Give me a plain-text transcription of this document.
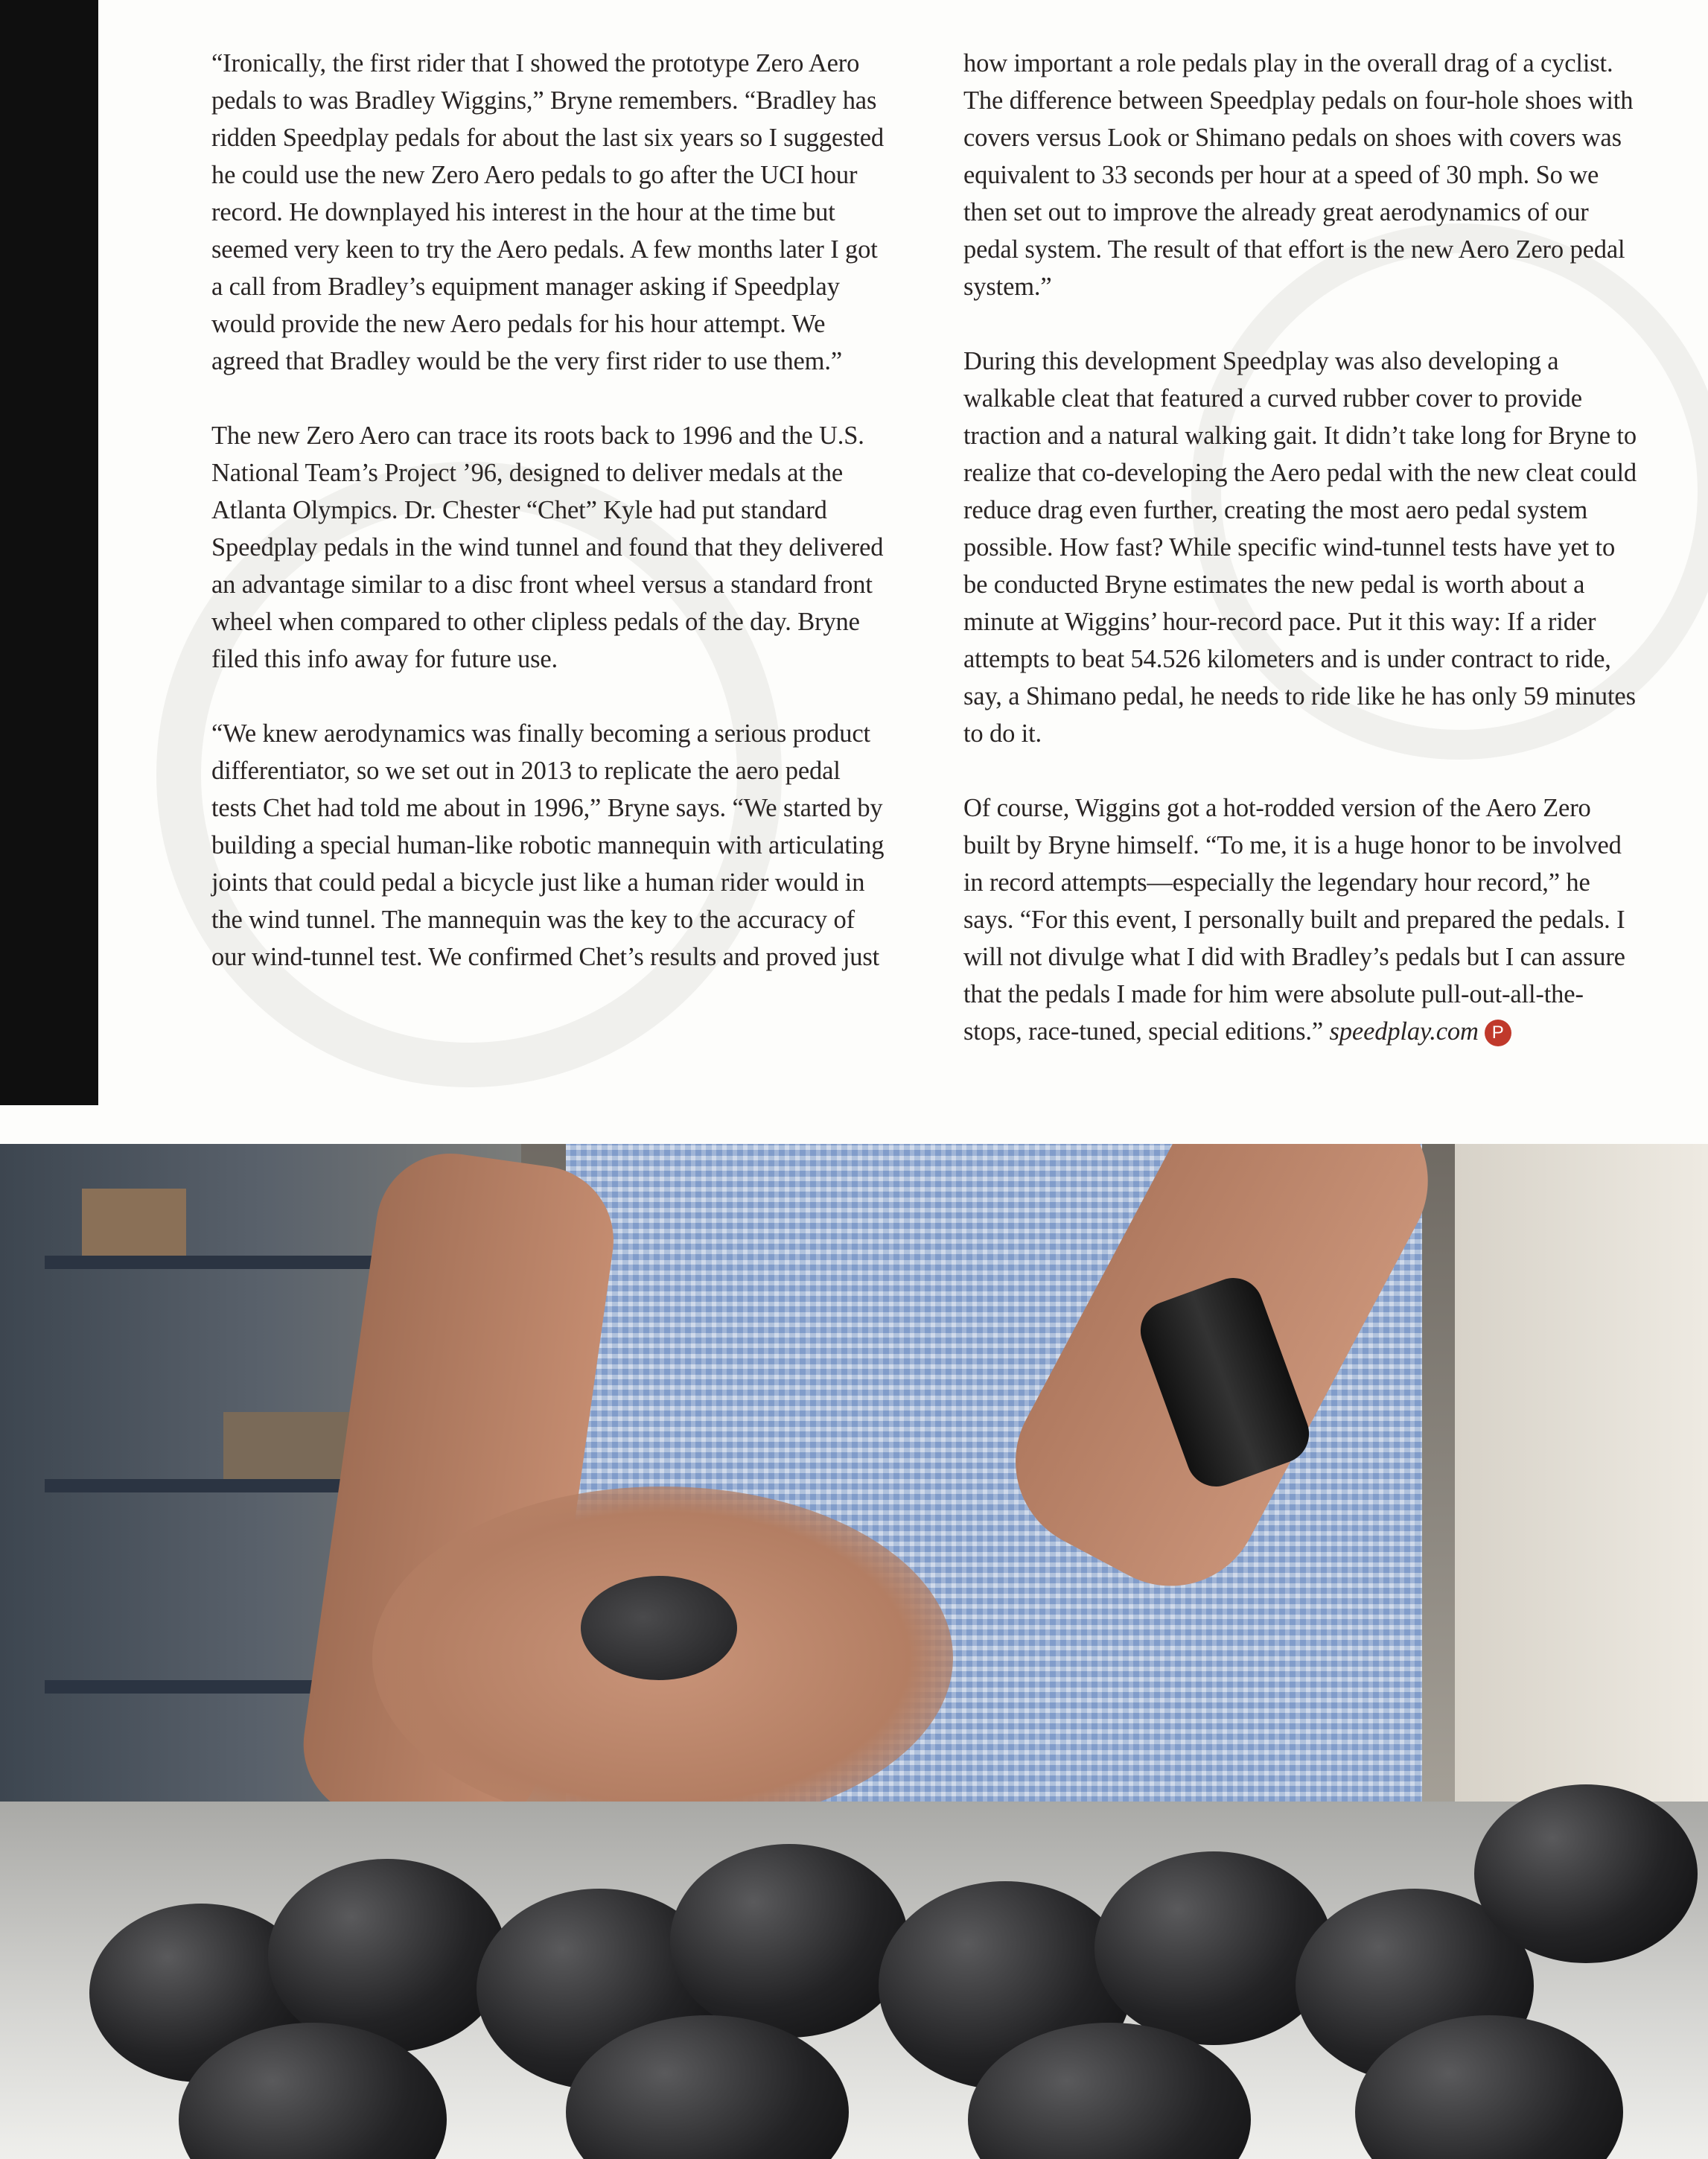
“Ironically, the first rider that I showed the prototype Zero Aero pedals to was Bradley Wiggins,” Bryne remembers. “Bradley has ridden Speedplay pedals for about the last six years so I suggested he could use the new Zero Aero pedals to go after the UCI hour record. He downplayed his interest in the hour at the time but seemed very keen to try the Aero pedals. A few months later I got a call from Bradley’s equipment manager asking if Speedplay would provide the new Aero pedals for his hour attempt. We agreed that Bradley would be the very first rider to use them.”

The new Zero Aero can trace its roots back to 1996 and the U.S. National Team’s Project ’96, designed to deliver medals at the Atlanta Olympics. Dr. Chester “Chet” Kyle had put standard Speedplay pedals in the wind tunnel and found that they delivered an advantage similar to a disc front wheel versus a standard front wheel when compared to other clipless pedals of the day. Bryne filed this info away for future use.

“We knew aerodynamics was finally becoming a serious product differentiator, so we set out in 2013 to replicate the aero pedal tests Chet had told me about in 1996,” Bryne says. “We started by building a special human-like robotic mannequin with articulating joints that could pedal a bicycle just like a human rider would in the wind tunnel. The mannequin was the key to the accuracy of our wind-tunnel test. We confirmed Chet’s results and proved just

how important a role pedals play in the overall drag of a cyclist. The difference between Speedplay pedals on four-hole shoes with covers versus Look or Shimano pedals on shoes with covers was equivalent to 33 seconds per hour at a speed of 30 mph. So we then set out to improve the already great aerodynamics of our pedal system. The result of that effort is the new Aero Zero pedal system.”

During this development Speedplay was also developing a walkable cleat that featured a curved rubber cover to provide traction and a natural walking gait. It didn’t take long for Bryne to realize that co-developing the Aero pedal with the new cleat could reduce drag even further, creating the most aero pedal system possible. How fast? While specific wind-tunnel tests have yet to be conducted Bryne estimates the new pedal is worth about a minute at Wiggins’ hour-record pace. Put it this way: If a rider attempts to beat 54.526 kilometers and is under contract to ride, say, a Shimano pedal, he needs to ride like he has only 59 minutes to do it.

Of course, Wiggins got a hot-rodded version of the Aero Zero built by Bryne himself. “To me, it is a huge honor to be involved in record attempts—especially the legendary hour record,” he says. “For this event, I personally built and prepared the pedals. I will not divulge what I did with Bradley’s pedals but I can assure that the pedals I made for him were absolute pull-out-all-the-stops, race-tuned, special editions.” speedplay.com P
